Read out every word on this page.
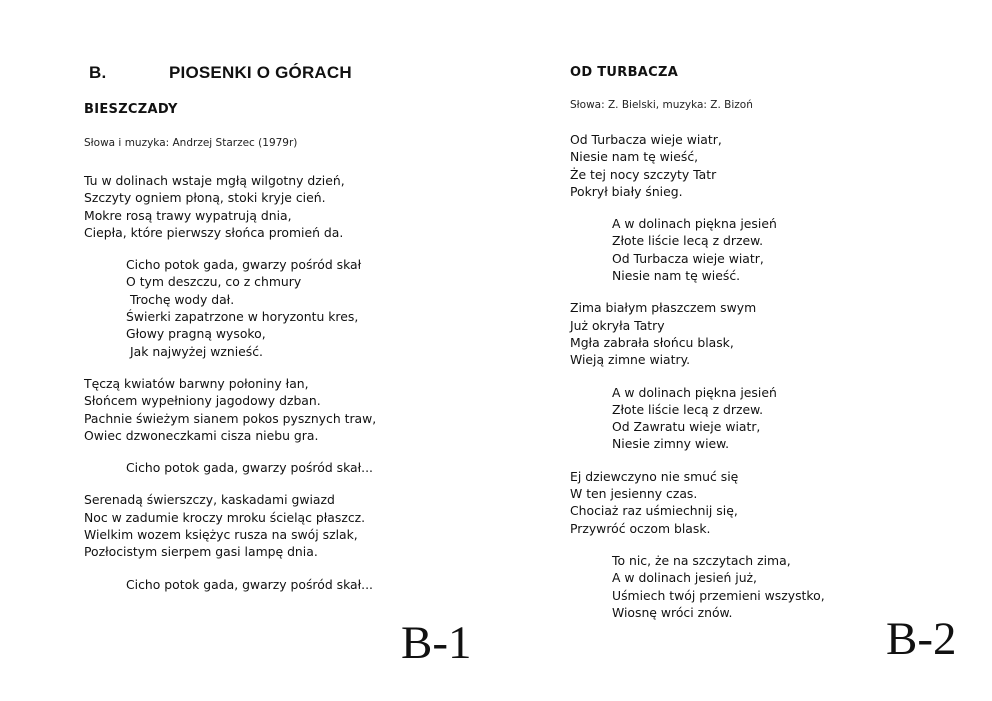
B.	PIOSENKI O GÓRACH
BIESZCZADY
Słowa i muzyka: Andrzej Starzec (1979r)
Tu w dolinach wstaje mgłą wilgotny dzień,
Szczyty ogniem płoną, stoki kryje cień.
Mokre rosą trawy wypatrują dnia,
Ciepła, które pierwszy słońca promień da.
Cicho potok gada, gwarzy pośród skał
O tym deszczu, co z chmury
Trochę wody dał.
Świerki zapatrzone w horyzontu kres,
Głowy pragną wysoko,
Jak najwyżej wznieść.
Tęczą kwiatów barwny połoniny łan,
Słońcem wypełniony jagodowy dzban.
Pachnie świeżym sianem pokos pysznych traw,
Owiec dzwoneczkami cisza niebu gra.
Cicho potok gada, gwarzy pośród skał...
Serenadą świerszczy, kaskadami gwiazd
Noc w zadumie kroczy mroku ścieląc płaszcz.
Wielkim wozem księżyc rusza na swój szlak,
Pozłocistym sierpem gasi lampę dnia.
Cicho potok gada, gwarzy pośród skał...
B-1
OD TURBACZA
Słowa: Z. Bielski, muzyka: Z. Bizoń
Od Turbacza wieje wiatr,
Niesie nam tę wieść,
Że tej nocy szczyty Tatr
Pokrył biały śnieg.
A w dolinach piękna jesień
Złote liście lecą z drzew.
Od Turbacza wieje wiatr,
Niesie nam tę wieść.
Zima białym płaszczem swym
Już okryła Tatry
Mgła zabrała słońcu blask,
Wieją zimne wiatry.
A w dolinach piękna jesień
Złote liście lecą z drzew.
Od Zawratu wieje wiatr,
Niesie zimny wiew.
Ej dziewczyno nie smuć się
W ten jesienny czas.
Chociaż raz uśmiechnij się,
Przywróć oczom blask.
To nic, że na szczytach zima,
A w dolinach jesień już,
Uśmiech twój przemieni wszystko,
Wiosnę wróci znów.
B-2
